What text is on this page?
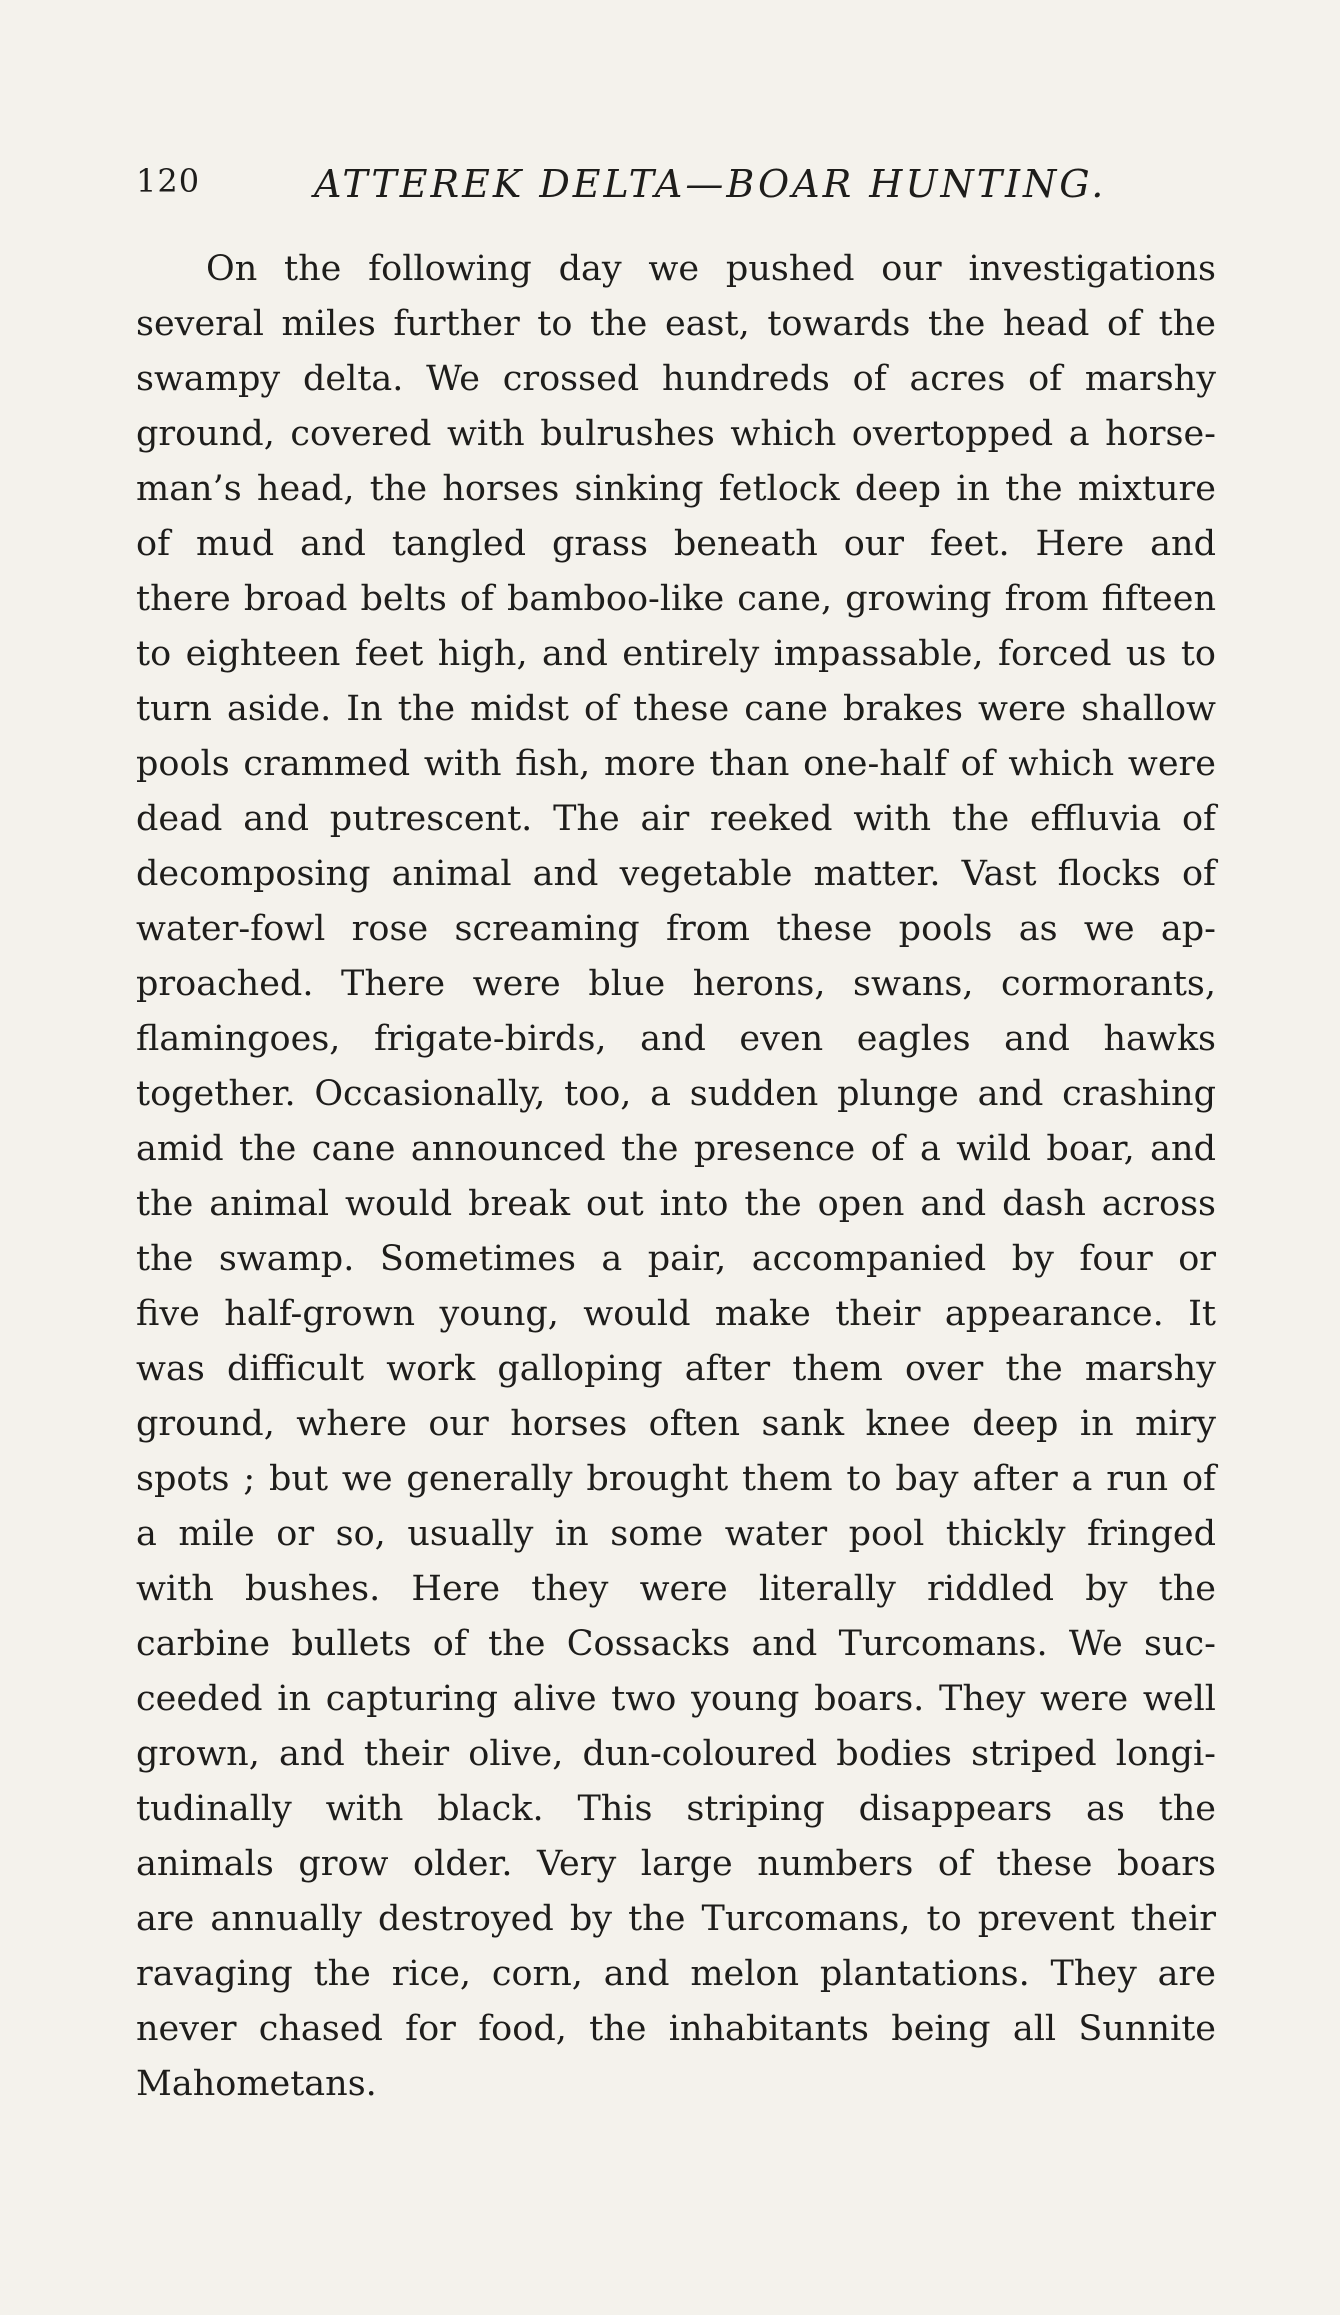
120	ATTEREK DELTA—BOAR HUNTING.
On the following day we pushed our investigations
several miles further to the east, towards the head of the
swampy delta. We crossed hundreds of acres of marshy
ground, covered with bulrushes which overtopped a horse-
man’s head, the horses sinking fetlock deep in the mixture
of mud and tangled grass beneath our feet. Here and
there broad belts of bamboo-like cane, growing from fifteen
to eighteen feet high, and entirely impassable, forced us to
turn aside. In the midst of these cane brakes were shallow
pools crammed with fish, more than one-half of which were
dead and putrescent. The air reeked with the effluvia of
decomposing animal and vegetable matter. Vast flocks of
water-fowl rose screaming from these pools as we ap-
proached. There were blue herons, swans, cormorants,
flamingoes, frigate-birds, and even eagles and hawks
together. Occasionally, too, a sudden plunge and crashing
amid the cane announced the presence of a wild boar, and
the animal would break out into the open and dash across
the swamp. Sometimes a pair, accompanied by four or
five half-grown young, would make their appearance. It
was difficult work galloping after them over the marshy
ground, where our horses often sank knee deep in miry
spots ; but we generally brought them to bay after a run of
a mile or so, usually in some water pool thickly fringed
with bushes. Here they were literally riddled by the
carbine bullets of the Cossacks and Turcomans. We suc-
ceeded in capturing alive two young boars. They were well
grown, and their olive, dun-coloured bodies striped longi-
tudinally with black. This striping disappears as the
animals grow older. Very large numbers of these boars
are annually destroyed by the Turcomans, to prevent their
ravaging the rice, corn, and melon plantations. They are
never chased for food, the inhabitants being all Sunnite
Mahometans.
